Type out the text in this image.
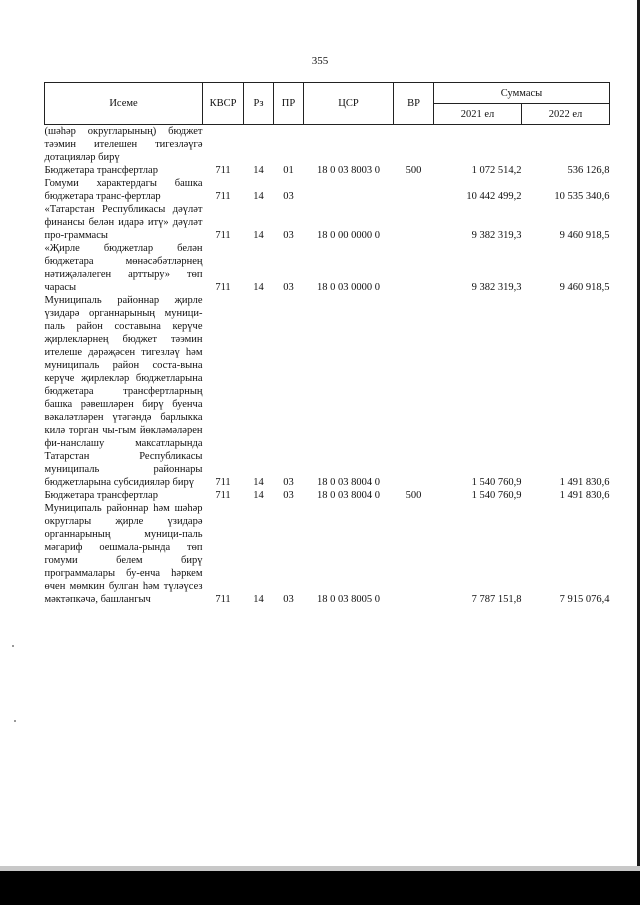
355
Исеме	КВСР	Рз	ПР	ЦСР	ВР	Суммасы	
						2021 ел	2022 ел
(шәһәр округларының) бюджет тәэмин ителешен тигезләүгә дотацияләр бирү							
Бюджетара трансфертлар	711	14	01	18 0 03 8003 0	500	1 072 514,2	536 126,8
Гомуми характердагы башка бюджетара транс-фертлар	711	14	03			10 442 499,2	10 535 340,6
«Татарстан Республикасы дәүләт финансы белән идарә итү» дәүләт про-граммасы	711	14	03	18 0 00 0000 0		9 382 319,3	9 460 918,5
«Җирле бюджетлар белән бюджетара мөнәсәбәтләрнең нәтиҗәләлеген арттыру» төп чарасы	711	14	03	18 0 03 0000 0		9 382 319,3	9 460 918,5
Муниципаль районнар җирле үзидарә органнарының муници-паль район составына керүче җирлекләрнең бюджет тәэмин ителеше дәрәҗәсен тигезләү һәм муниципаль район соста-вына керүче җирлекләр бюджетларына бюджетара трансфертларның башка рәвешләрен бирү буенча вәкаләтләрен үтәгәндә барлыкка килә торган чы-гым йөкләмәләрен фи-нанслашу максатларында Татарстан Республикасы муниципаль районнары бюджетларына субсидияләр бирү	711	14	03	18 0 03 8004 0		1 540 760,9	1 491 830,6
Бюджетара трансфертлар	711	14	03	18 0 03 8004 0	500	1 540 760,9	1 491 830,6
Муниципаль районнар һәм шәһәр округлары җирле үзидарә органнарының муници-паль мәгариф оешмала-рында төп гомуми белем бирү программалары бу-енча һәркем өчен мөмкин булган һәм түләүсез мәктәпкәчә, башлангыч	711	14	03	18 0 03 8005 0		7 787 151,8	7 915 076,4
